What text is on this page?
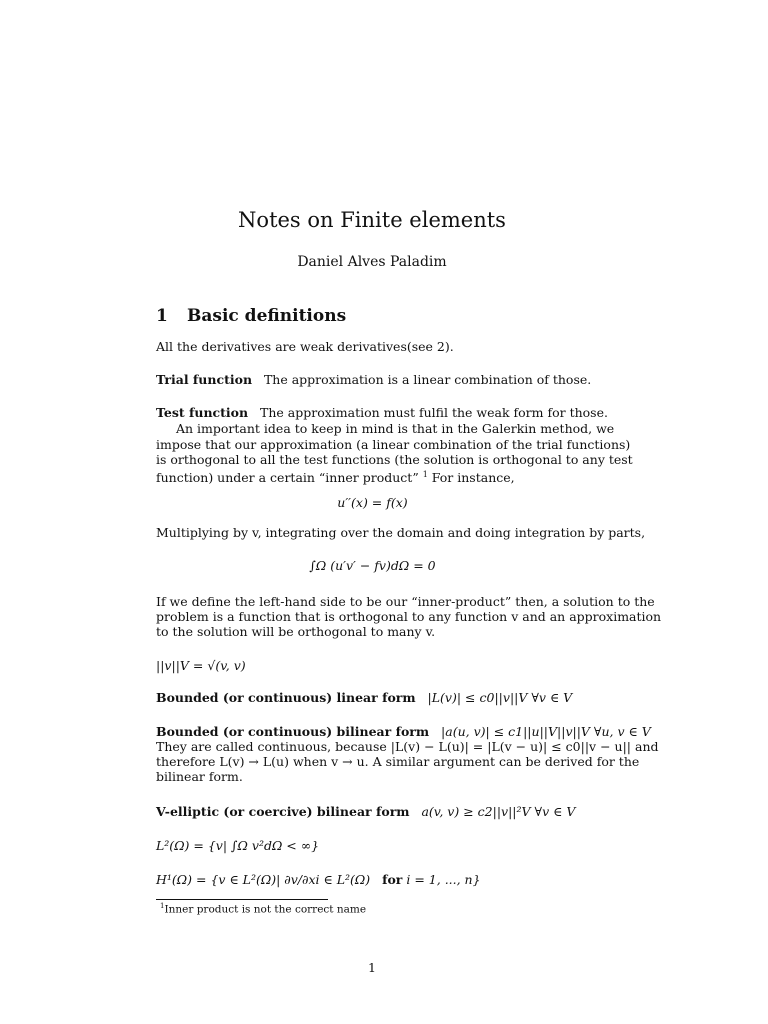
Notes on Finite elements
Daniel Alves Paladim
1 Basic definitions
All the derivatives are weak derivatives(see 2).
Trial function The approximation is a linear combination of those.
Test function The approximation must fulfil the weak form for those.
An important idea to keep in mind is that in the Galerkin method, we
impose that our approximation (a linear combination of the trial functions)
is orthogonal to all the test functions (the solution is orthogonal to any test
function) under a certain “inner product” $^1$ For instance,
u′′(x) = f(x)
Multiplying by v, integrating over the domain and doing integration by parts,
∫Ω (u′v′ − fv)dΩ = 0
If we define the left-hand side to be our “inner-product” then, a solution to the
problem is a function that is orthogonal to any function v and an approximation
to the solution will be orthogonal to many v.
||v||V = √(v, v)
Bounded (or continuous) linear form |L(v)| ≤ c0||v||V ∀v ∈ V
Bounded (or continuous) bilinear form |a(u, v)| ≤ c1||u||V||v||V ∀u, v ∈ V
They are called continuous, because |L(v) − L(u)| = |L(v − u)| ≤ c0||v − u|| and
therefore L(v) → L(u) when v → u. A similar argument can be derived for the
bilinear form.
V-elliptic (or coercive) bilinear form a(v, v) ≥ c2||v||²V ∀v ∈ V
L²(Ω) = {v| ∫Ω v²dΩ < ∞}
H¹(Ω) = {v ∈ L²(Ω)| ∂v/∂xi ∈ L²(Ω) for i = 1, ..., n}
$^1$Inner product is not the correct name
1
